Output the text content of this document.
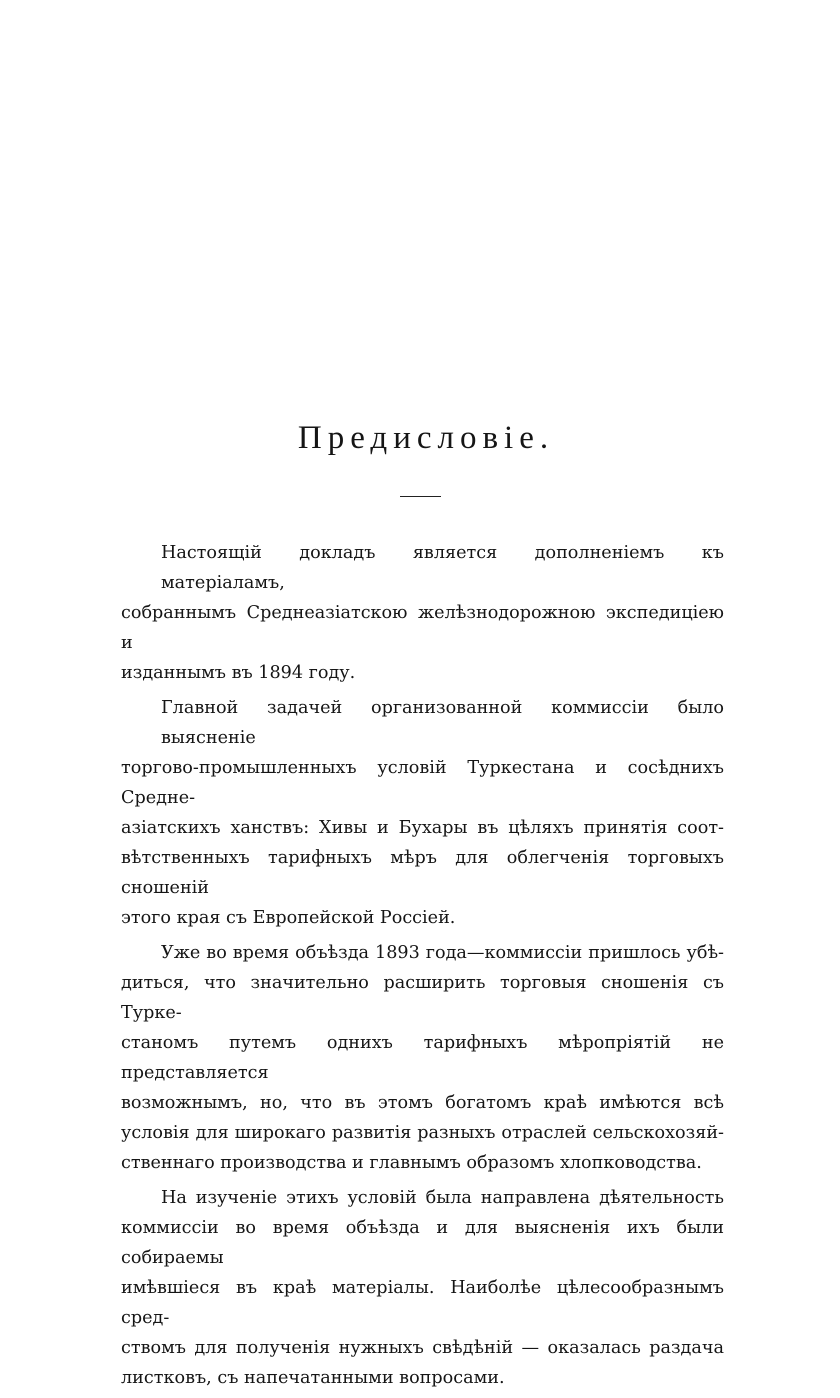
Предисловіе.

Настоящій докладъ является дополненіемъ къ матеріаламъ,
собраннымъ Среднеазіатскою желѣзнодорожною экспедиціею и
изданнымъ въ 1894 году.

Главной задачей организованной коммиссіи было выясненіе
торгово-промышленныхъ условій Туркестана и сосѣднихъ Средне-
азіатскихъ ханствъ: Хивы и Бухары въ цѣляхъ принятія соот-
вѣтственныхъ тарифныхъ мѣръ для облегченія торговыхъ сношеній
этого края съ Европейской Россіей.

Уже во время объѣзда 1893 года—коммиссіи пришлось убѣ-
диться, что значительно расширить торговыя сношенія съ Турке-
станомъ путемъ однихъ тарифныхъ мѣропріятій не представляется
возможнымъ, но, что въ этомъ богатомъ краѣ имѣются всѣ
условія для широкаго развитія разныхъ отраслей сельскохозяй-
ственнаго производства и главнымъ образомъ хлопководства.

На изученіе этихъ условій была направлена дѣятельность
коммиссіи во время объѣзда и для выясненія ихъ были собираемы
имѣвшіеся въ краѣ матеріалы. Наиболѣе цѣлесообразнымъ сред-
ствомъ для полученія нужныхъ свѣдѣній — оказалась раздача
листковъ, съ напечатанными вопросами.
